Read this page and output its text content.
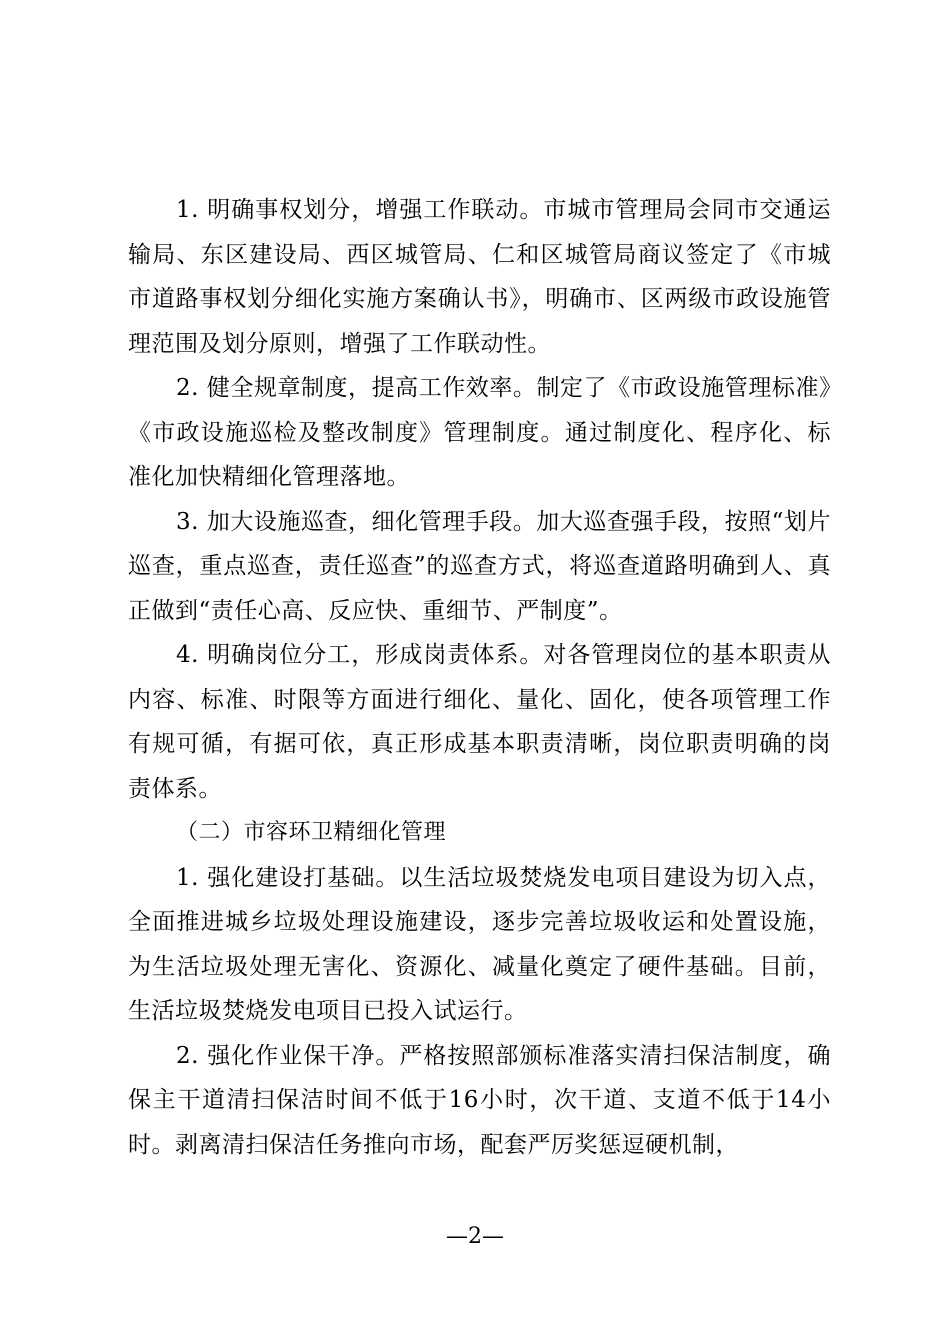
1. 明确事权划分，增强工作联动。市城市管理局会同市交通运输局、东区建设局、西区城管局、仁和区城管局商议签定了《市城市道路事权划分细化实施方案确认书》，明确市、区两级市政设施管理范围及划分原则，增强了工作联动性。

2. 健全规章制度，提高工作效率。制定了《市政设施管理标准》《市政设施巡检及整改制度》管理制度。通过制度化、程序化、标准化加快精细化管理落地。

3. 加大设施巡查，细化管理手段。加大巡查强手段，按照“划片巡查，重点巡查，责任巡查”的巡查方式，将巡查道路明确到人、真正做到“责任心高、反应快、重细节、严制度”。

4. 明确岗位分工，形成岗责体系。对各管理岗位的基本职责从内容、标准、时限等方面进行细化、量化、固化，使各项管理工作有规可循，有据可依，真正形成基本职责清晰，岗位职责明确的岗责体系。

（二）市容环卫精细化管理

1. 强化建设打基础。以生活垃圾焚烧发电项目建设为切入点，全面推进城乡垃圾处理设施建设，逐步完善垃圾收运和处置设施，为生活垃圾处理无害化、资源化、减量化奠定了硬件基础。目前，生活垃圾焚烧发电项目已投入试运行。

2. 强化作业保干净。严格按照部颁标准落实清扫保洁制度，确保主干道清扫保洁时间不低于16小时，次干道、支道不低于14小时。剥离清扫保洁任务推向市场，配套严厉奖惩逗硬机制，

—2—
